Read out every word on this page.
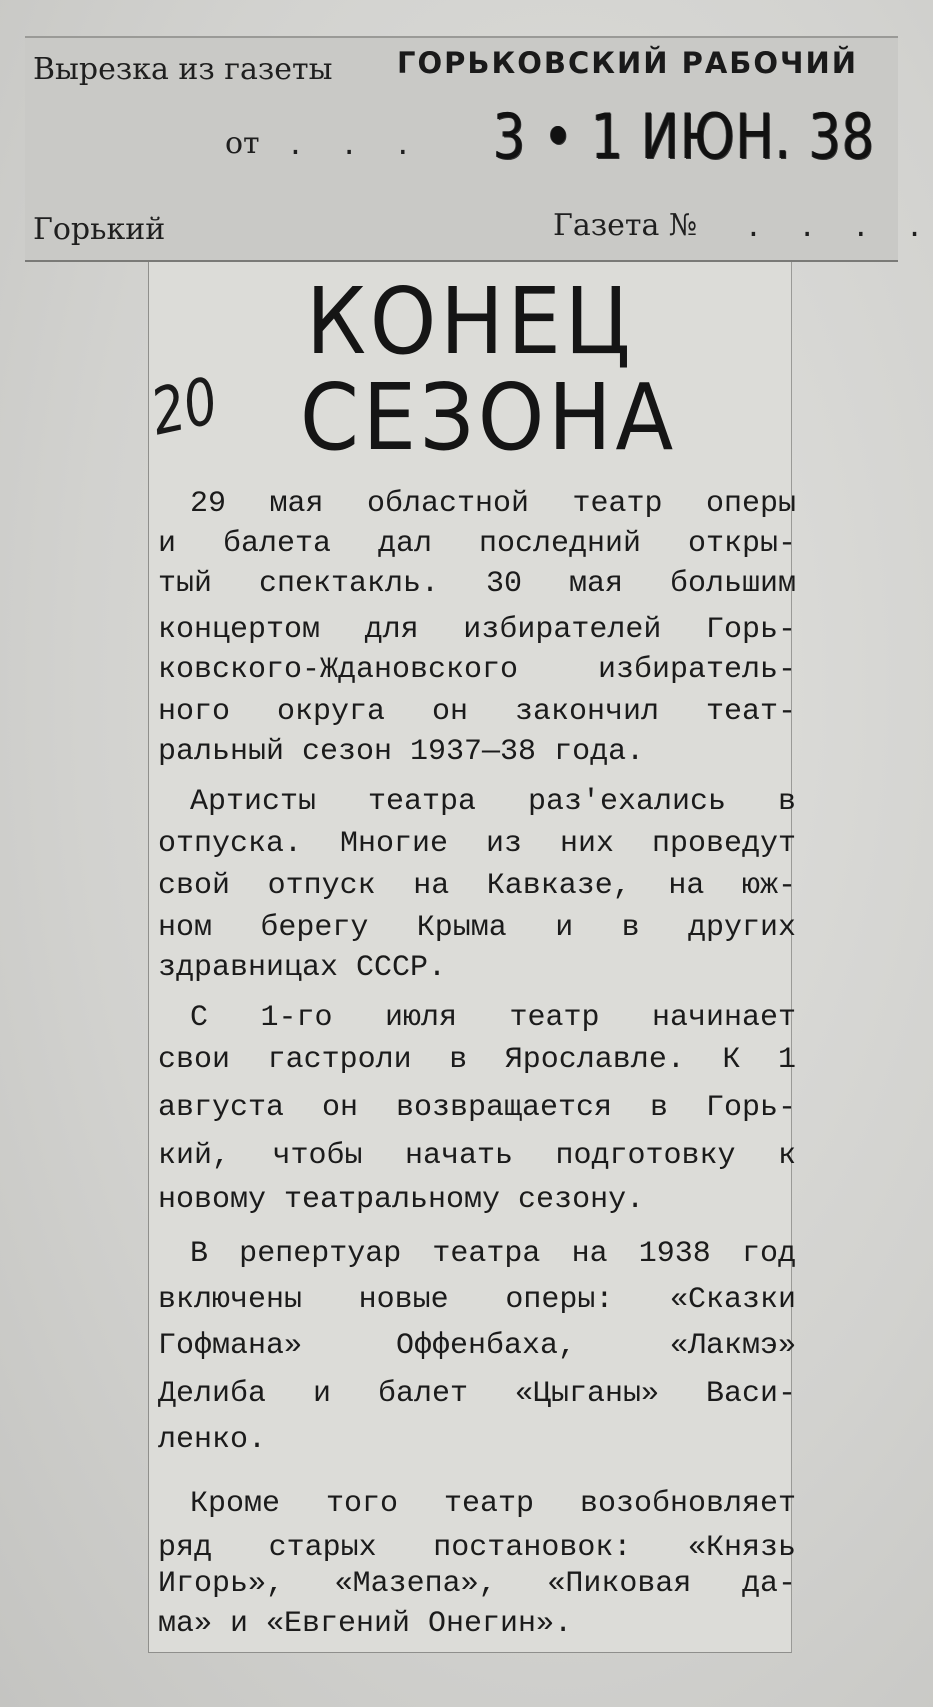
Вырезка из газеты ГОРЬКОВСКИЙ РАБОЧИЙ
от . . . 3 • 1 ИЮН. 38
Горький	Газета № . . . .
КОНЕЦ
СЕЗОНА
20
29 мая областной театр оперы
и балета дал последний откры-
тый спектакль. 30 мая большим
концертом для избирателей Горь-
ковского-Ждановского избиратель-
ного округа он закончил теат-
ральный сезон 1937—38 года.
Артисты театра раз'ехались в
отпуска. Многие из них проведут
свой отпуск на Кавказе, на юж-
ном берегу Крыма и в других
здравницах СССР.
С 1-го июля театр начинает
свои гастроли в Ярославле. К 1
августа он возвращается в Горь-
кий, чтобы начать подготовку к
новому театральному сезону.
В репертуар театра на 1938 год
включены новые оперы: «Сказки
Гофмана» Оффенбаха, «Лакмэ»
Делиба и балет «Цыганы» Васи-
ленко.
Кроме того театр возобновляет
ряд старых постановок: «Князь
Игорь», «Мазепа», «Пиковая да-
ма» и «Евгений Онегин».
